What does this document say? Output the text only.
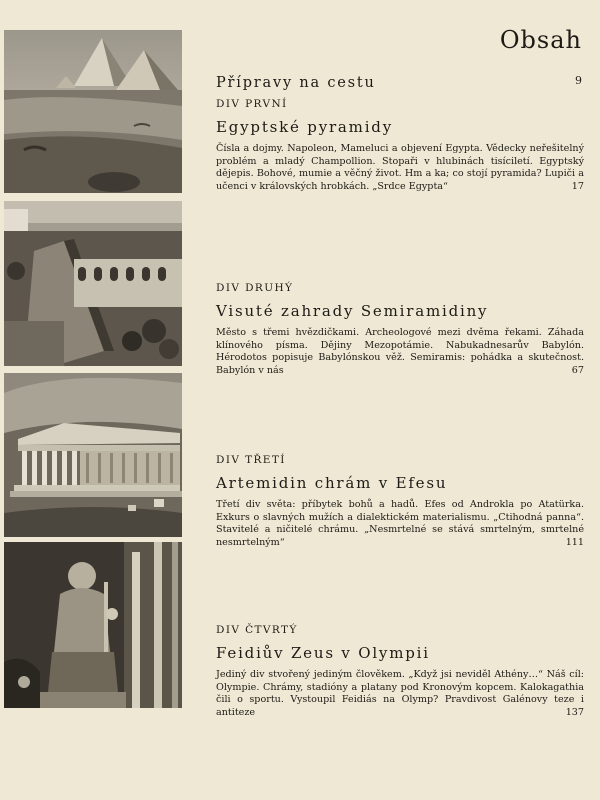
Obsah
Přípravy na cestu	9

DIV PRVNÍ

Egyptské pyramidy

Čísla a dojmy. Napoleon, Mameluci a objevení Egypta. Vědecky neřešitelný problém a mladý Champollion. Stopaři v hlubinách tisíciletí. Egyptský dějepis. Bohové, mumie a věčný život. Hm a ka; co stojí pyramida? Lupiči a učenci v královských hrobkách. „Srdce Egypta“	17

DIV DRUHÝ

Visuté zahrady Semiramidiny

Město s třemi hvězdičkami. Archeologové mezi dvěma řekami. Záhada klínového písma. Dějiny Mezopotámie. Nabukadnesarův Babylón. Hérodotos popisuje Babylónskou věž. Semiramis: pohádka a skutečnost. Babylón v nás	67

DIV TŘETÍ

Artemidin chrám v Efesu

Třetí div světa: příbytek bohů a hadů. Efes od Androkla po Atatürka. Exkurs o slavných mužích a dialektickém materialismu. „Ctihodná panna“. Stavitelé a ničitelé chrámu. „Nesmrtelné se stává smrtelným, smrtelné nesmrtelným“	111

DIV ČTVRTÝ

Feidiův Zeus v Olympii

Jediný div stvořený jediným člověkem. „Když jsi neviděl Athény…“ Náš cíl: Olympie. Chrámy, stadióny a platany pod Kronovým kopcem. Kalokagathia čili o sportu. Vystoupil Feidiás na Olymp? Pravdivost Galénovy teze i antiteze	137
